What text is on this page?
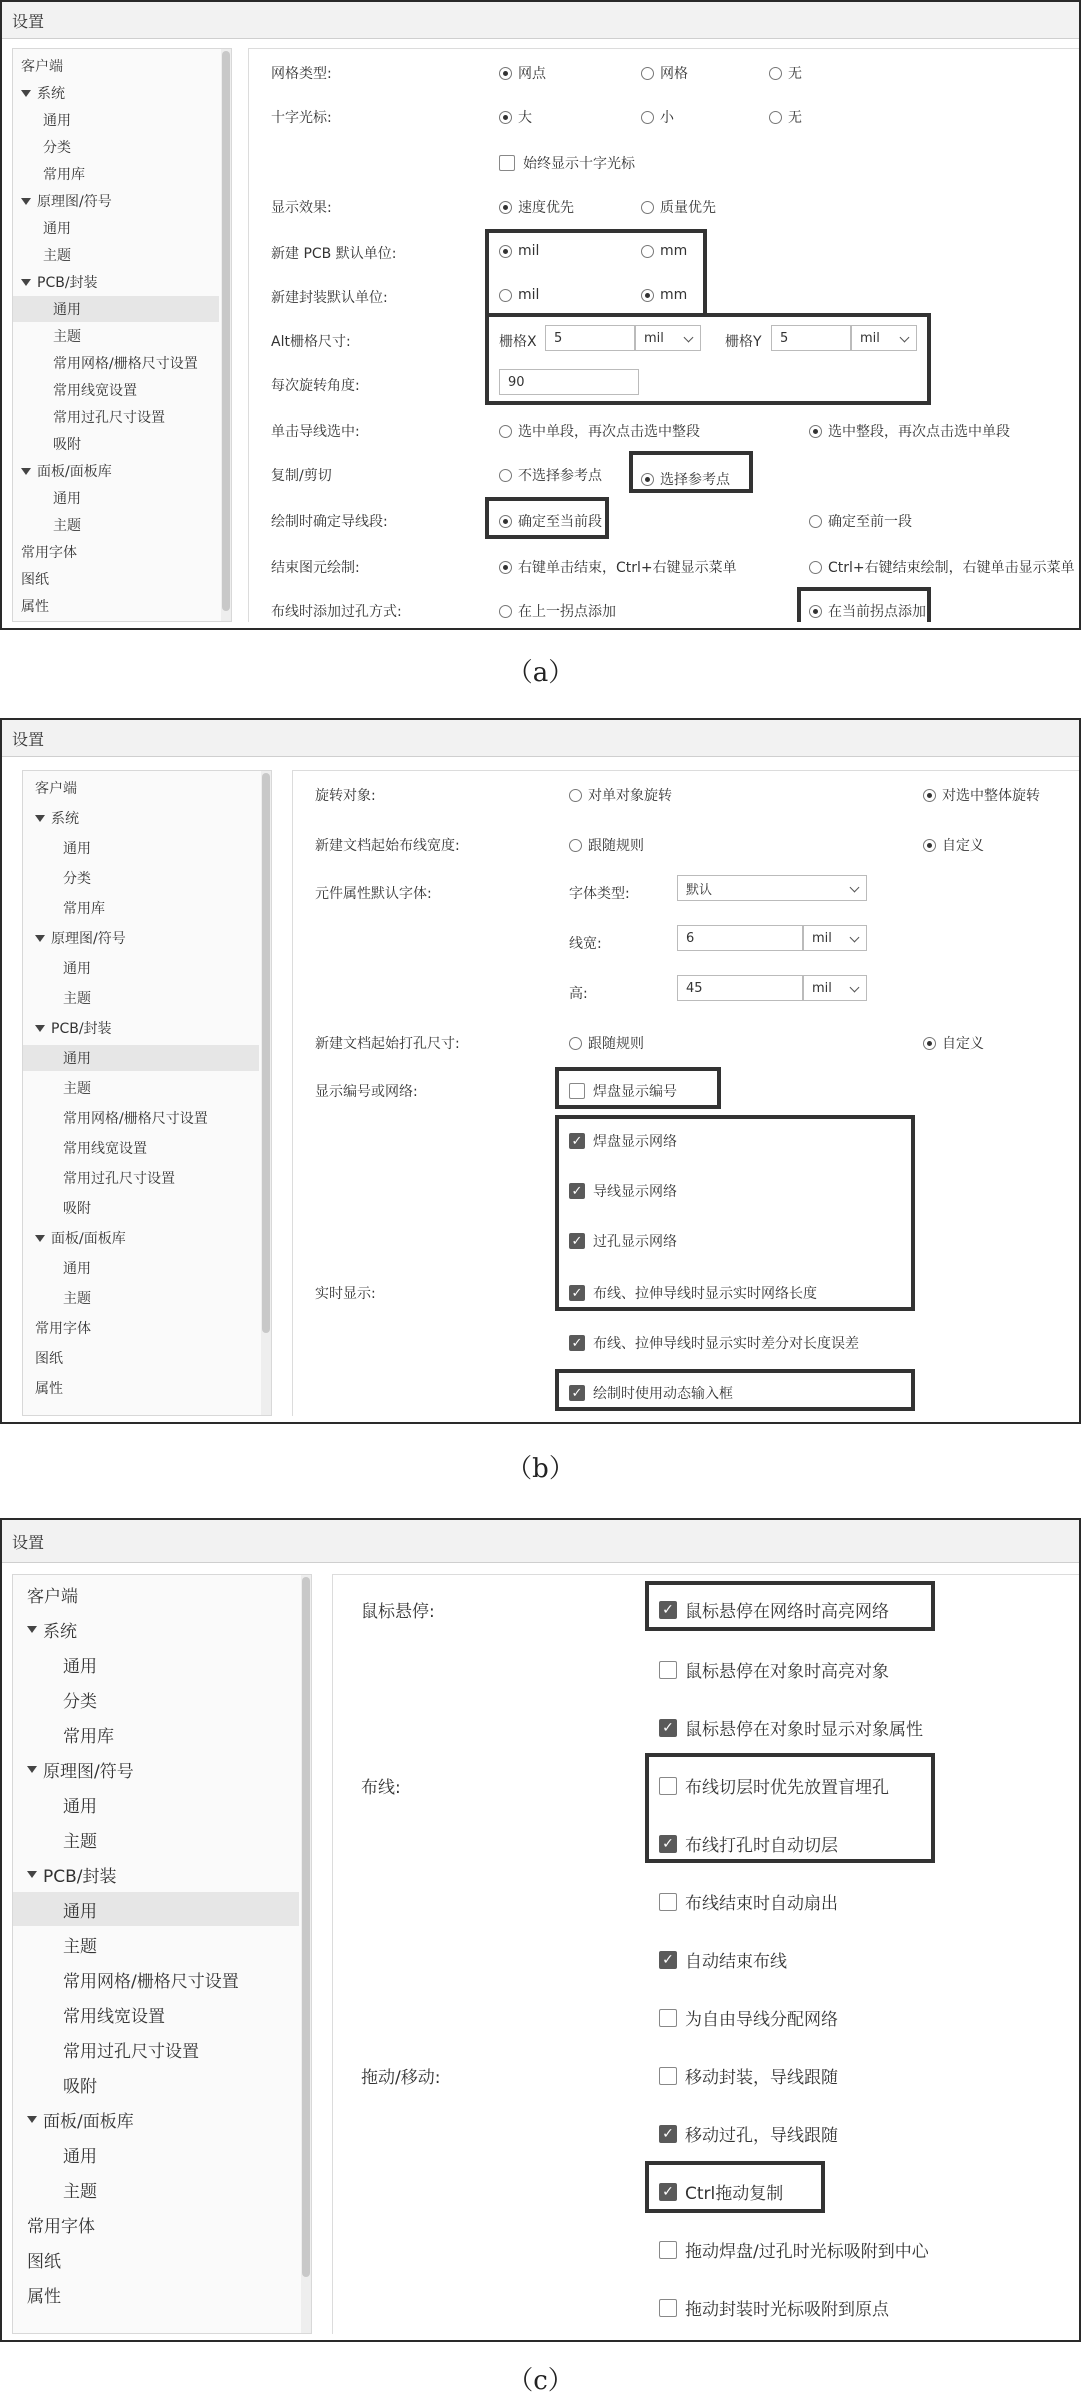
设置
客户端
系统
通用
分类
常用库
原理图/符号
通用
主题
PCB/封装
通用
主题
常用网格/栅格尺寸设置
常用线宽设置
常用过孔尺寸设置
吸附
面板/面板库
通用
主题
常用字体
图纸
属性
网格类型:	网点	网格	无
十字光标:	大	小	无
始终显示十字光标
显示效果:	速度优先	质量优先
新建 PCB 默认单位:	mil	mm
新建封装默认单位:	mil	mm
Alt栅格尺寸:	栅格X	5	mil	栅格Y	5	mil
每次旋转角度:	90
单击导线选中:	选中单段，再次点击选中整段	选中整段，再次点击选中单段
复制/剪切	不选择参考点	选择参考点
绘制时确定导线段:	确定至当前段	确定至前一段
结束图元绘制:	右键单击结束，Ctrl+右键显示菜单	Ctrl+右键结束绘制，右键单击显示菜单
布线时添加过孔方式:	在上一拐点添加	在当前拐点添加
（a）
设置
客户端
系统
通用
分类
常用库
原理图/符号
通用
主题
PCB/封装
通用
主题
常用网格/栅格尺寸设置
常用线宽设置
常用过孔尺寸设置
吸附
面板/面板库
通用
主题
常用字体
图纸
属性
旋转对象:	对单对象旋转	对选中整体旋转
新建文档起始布线宽度:	跟随规则	自定义
元件属性默认字体:	字体类型:	默认
线宽:	6	mil
高:	45	mil
新建文档起始打孔尺寸:	跟随规则	自定义
显示编号或网络:	焊盘显示编号
✓ 焊盘显示网络
✓ 导线显示网络
✓ 过孔显示网络
实时显示:	✓ 布线、拉伸导线时显示实时网络长度
✓ 布线、拉伸导线时显示实时差分对长度误差
✓ 绘制时使用动态输入框
（b）
设置
客户端
系统
通用
分类
常用库
原理图/符号
通用
主题
PCB/封装
通用
主题
常用网格/栅格尺寸设置
常用线宽设置
常用过孔尺寸设置
吸附
面板/面板库
通用
主题
常用字体
图纸
属性
鼠标悬停:	✓ 鼠标悬停在网络时高亮网络
鼠标悬停在对象时高亮对象
✓ 鼠标悬停在对象时显示对象属性
布线:	布线切层时优先放置盲埋孔
✓ 布线打孔时自动切层
布线结束时自动扇出
✓ 自动结束布线
为自由导线分配网络
拖动/移动:	移动封装，导线跟随
✓ 移动过孔，导线跟随
✓ Ctrl拖动复制
拖动焊盘/过孔时光标吸附到中心
拖动封装时光标吸附到原点
（c）
